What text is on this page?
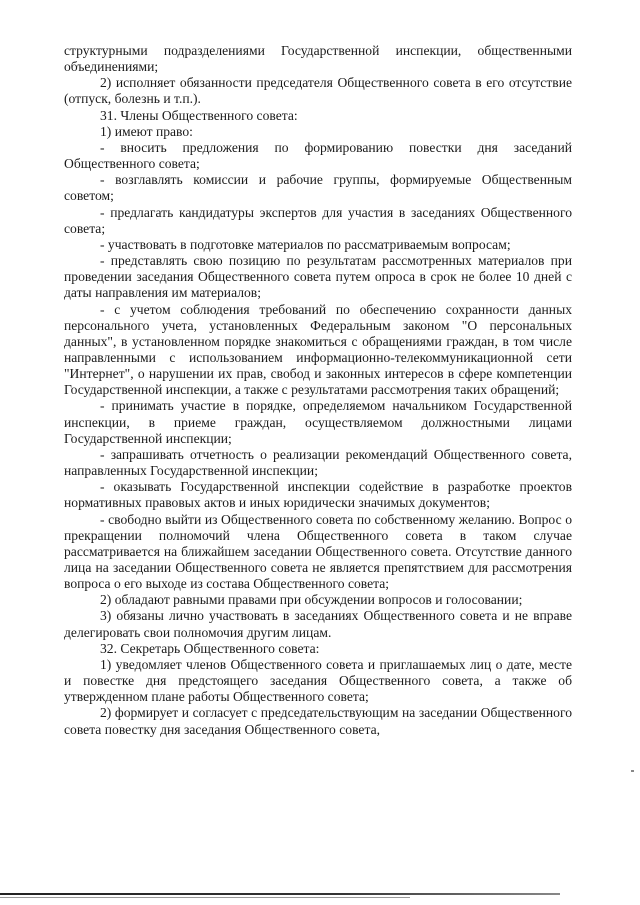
структурными подразделениями Государственной инспекции, общественными объединениями;

2) исполняет обязанности председателя Общественного совета в его отсутствие (отпуск, болезнь и т.п.).

31. Члены Общественного совета:

1) имеют право:

- вносить предложения по формированию повестки дня заседаний Общественного совета;

- возглавлять комиссии и рабочие группы, формируемые Общественным советом;

- предлагать кандидатуры экспертов для участия в заседаниях Общественного совета;

- участвовать в подготовке материалов по рассматриваемым вопросам;

- представлять свою позицию по результатам рассмотренных материалов при проведении заседания Общественного совета путем опроса в срок не более 10 дней с даты направления им материалов;

- с учетом соблюдения требований по обеспечению сохранности данных персонального учета, установленных Федеральным законом "О персональных данных", в установленном порядке знакомиться с обращениями граждан, в том числе направленными с использованием информационно-телекоммуникационной сети "Интернет", о нарушении их прав, свобод и законных интересов в сфере компетенции Государственной инспекции, а также с результатами рассмотрения таких обращений;

- принимать участие в порядке, определяемом начальником Государственной инспекции, в приеме граждан, осуществляемом должностными лицами Государственной инспекции;

- запрашивать отчетность о реализации рекомендаций Общественного совета, направленных Государственной инспекции;

- оказывать Государственной инспекции содействие в разработке проектов нормативных правовых актов и иных юридически значимых документов;

- свободно выйти из Общественного совета по собственному желанию. Вопрос о прекращении полномочий члена Общественного совета в таком случае рассматривается на ближайшем заседании Общественного совета. Отсутствие данного лица на заседании Общественного совета не является препятствием для рассмотрения вопроса о его выходе из состава Общественного совета;

2) обладают равными правами при обсуждении вопросов и голосовании;

3) обязаны лично участвовать в заседаниях Общественного совета и не вправе делегировать свои полномочия другим лицам.

32. Секретарь Общественного совета:

1) уведомляет членов Общественного совета и приглашаемых лиц о дате, месте и повестке дня предстоящего заседания Общественного совета, а также об утвержденном плане работы Общественного совета;

2) формирует и согласует с председательствующим на заседании Общественного совета повестку дня заседания Общественного совета,
